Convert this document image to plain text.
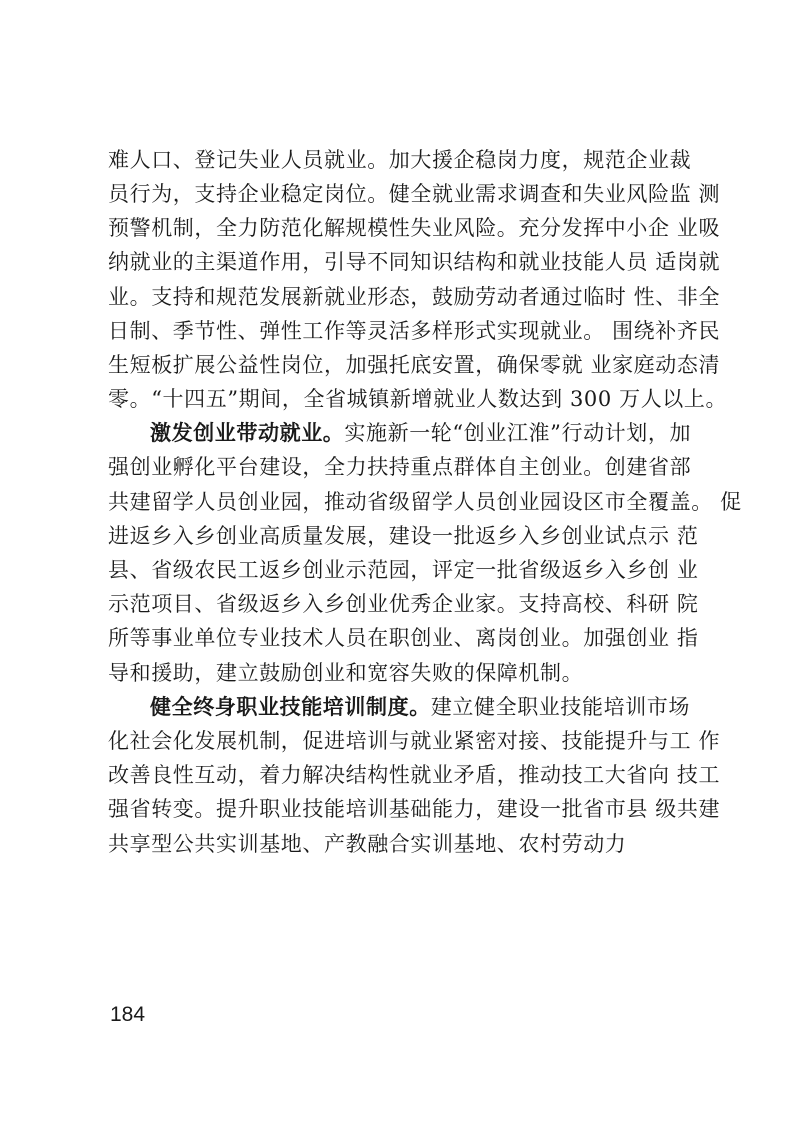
难人口、登记失业人员就业。加大援企稳岗力度，规范企业裁
员行为，支持企业稳定岗位。健全就业需求调查和失业风险监 测
预警机制，全力防范化解规模性失业风险。充分发挥中小企 业吸
纳就业的主渠道作用，引导不同知识结构和就业技能人员 适岗就
业。支持和规范发展新就业形态，鼓励劳动者通过临时 性、非全
日制、季节性、弹性工作等灵活多样形式实现就业。 围绕补齐民
生短板扩展公益性岗位，加强托底安置，确保零就 业家庭动态清
零。“十四五”期间，全省城镇新增就业人数达到 300 万人以上。
激发创业带动就业。实施新一轮“创业江淮”行动计划，加
强创业孵化平台建设，全力扶持重点群体自主创业。创建省部
共建留学人员创业园，推动省级留学人员创业园设区市全覆盖。 促
进返乡入乡创业高质量发展，建设一批返乡入乡创业试点示 范
县、省级农民工返乡创业示范园，评定一批省级返乡入乡创 业
示范项目、省级返乡入乡创业优秀企业家。支持高校、科研 院
所等事业单位专业技术人员在职创业、离岗创业。加强创业 指
导和援助，建立鼓励创业和宽容失败的保障机制。
健全终身职业技能培训制度。建立健全职业技能培训市场
化社会化发展机制，促进培训与就业紧密对接、技能提升与工 作
改善良性互动，着力解决结构性就业矛盾，推动技工大省向 技工
强省转变。提升职业技能培训基础能力，建设一批省市县 级共建
共享型公共实训基地、产教融合实训基地、农村劳动力
184
